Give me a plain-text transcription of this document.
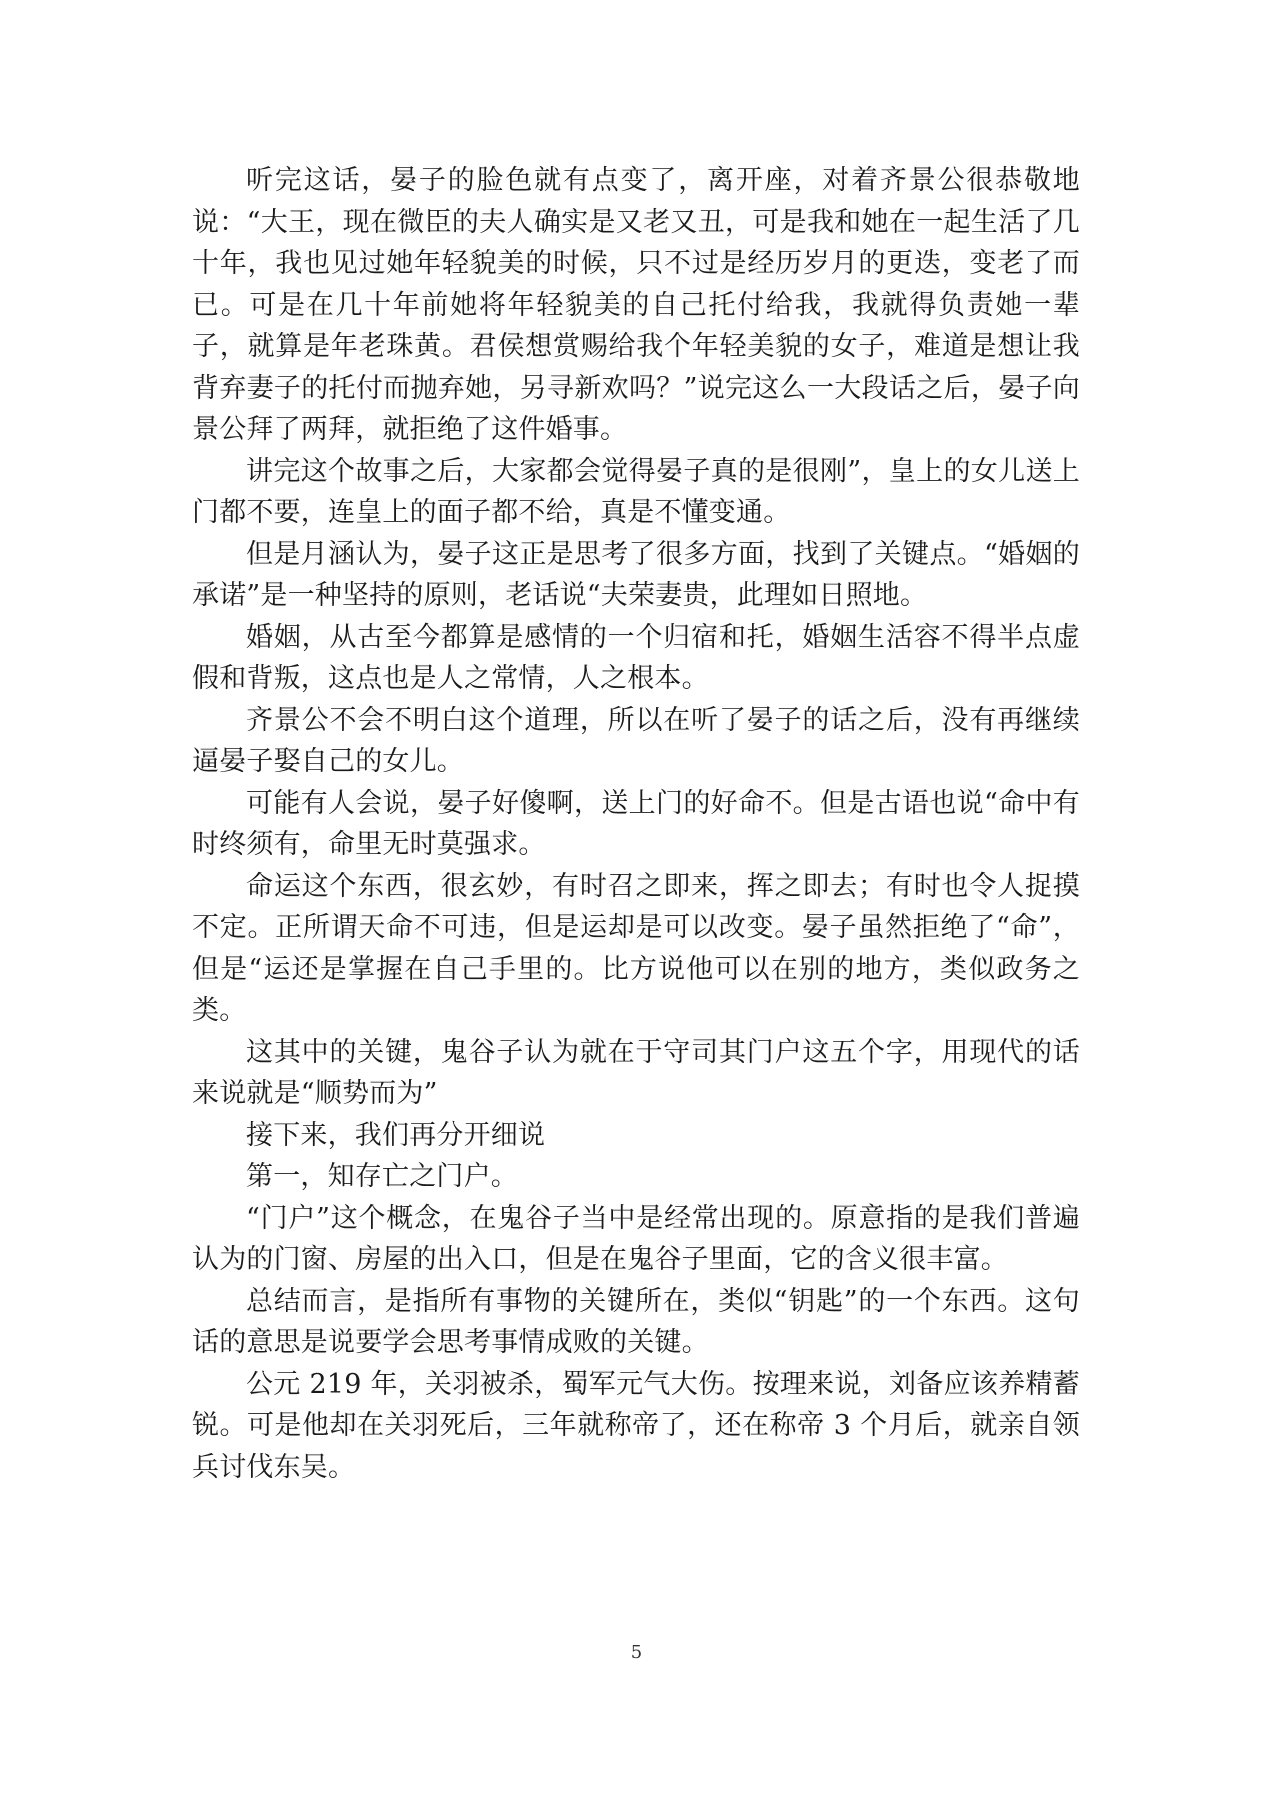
听完这话，晏子的脸色就有点变了，离开座，对着齐景公很恭敬地说：“大王，现在微臣的夫人确实是又老又丑，可是我和她在一起生活了几十年，我也见过她年轻貌美的时候，只不过是经历岁月的更迭，变老了而已。可是在几十年前她将年轻貌美的自己托付给我，我就得负责她一辈子，就算是年老珠黄。君侯想赏赐给我个年轻美貌的女子，难道是想让我背弃妻子的托付而抛弃她，另寻新欢吗？”说完这么一大段话之后，晏子向景公拜了两拜，就拒绝了这件婚事。

讲完这个故事之后，大家都会觉得晏子真的是很刚”，皇上的女儿送上门都不要，连皇上的面子都不给，真是不懂变通。

但是月涵认为，晏子这正是思考了很多方面，找到了关键点。“婚姻的承诺”是一种坚持的原则，老话说“夫荣妻贵，此理如日照地。

婚姻，从古至今都算是感情的一个归宿和托，婚姻生活容不得半点虚假和背叛，这点也是人之常情，人之根本。

齐景公不会不明白这个道理，所以在听了晏子的话之后，没有再继续逼晏子娶自己的女儿。

可能有人会说，晏子好傻啊，送上门的好命不。但是古语也说“命中有时终须有，命里无时莫强求。

命运这个东西，很玄妙，有时召之即来，挥之即去；有时也令人捉摸不定。正所谓天命不可违，但是运却是可以改变。晏子虽然拒绝了“命”，但是“运还是掌握在自己手里的。比方说他可以在别的地方，类似政务之类。

这其中的关键，鬼谷子认为就在于守司其门户这五个字，用现代的话来说就是“顺势而为”

接下来，我们再分开细说

第一，知存亡之门户。

“门户”这个概念，在鬼谷子当中是经常出现的。原意指的是我们普遍认为的门窗、房屋的出入口，但是在鬼谷子里面，它的含义很丰富。

总结而言，是指所有事物的关键所在，类似“钥匙”的一个东西。这句话的意思是说要学会思考事情成败的关键。

公元 219 年，关羽被杀，蜀军元气大伤。按理来说，刘备应该养精蓄锐。可是他却在关羽死后，三年就称帝了，还在称帝 3 个月后，就亲自领兵讨伐东吴。

5
